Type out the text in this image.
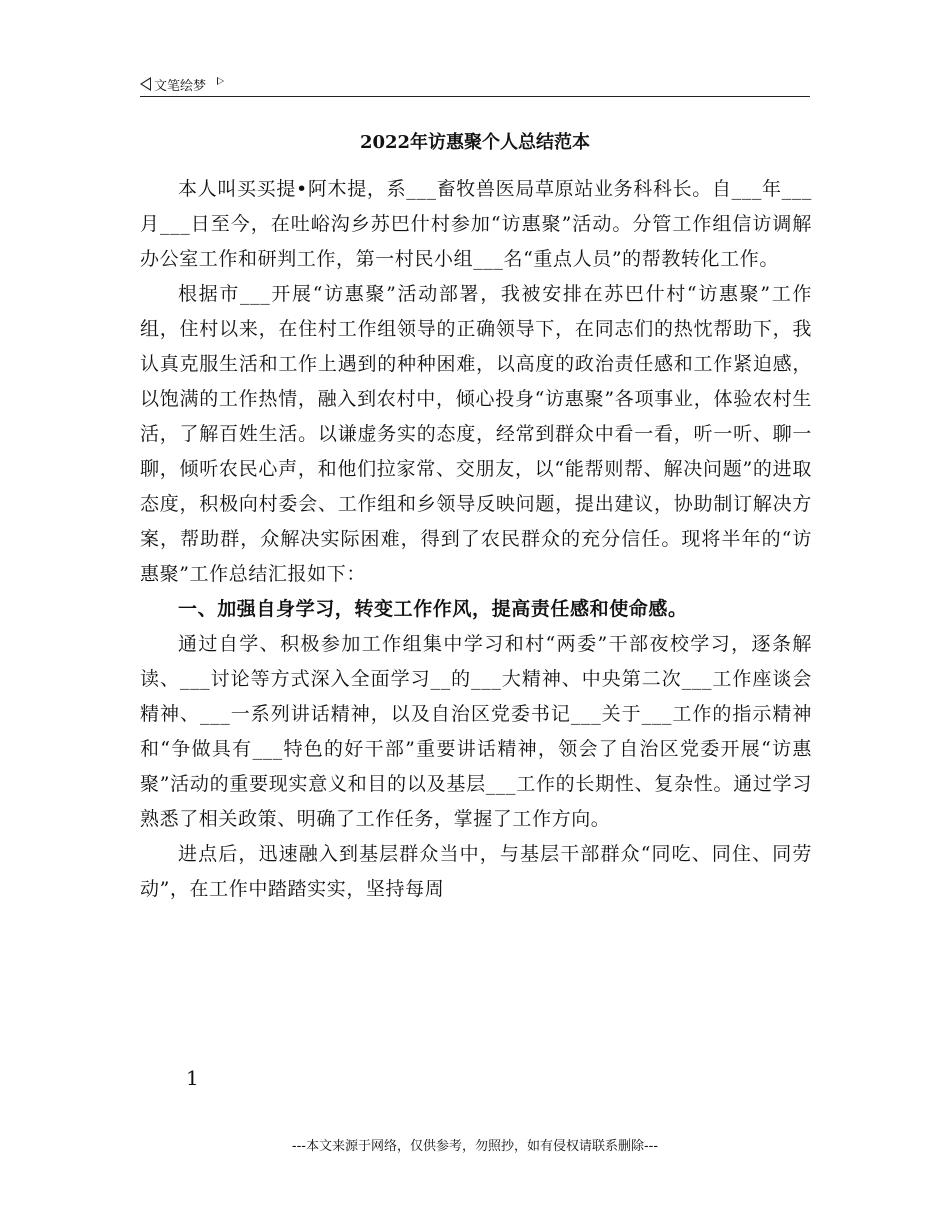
文笔绘梦
2022年访惠聚个人总结范本

本人叫买买提•阿木提，系___畜牧兽医局草原站业务科科长。自___年___月___日至今，在吐峪沟乡苏巴什村参加“访惠聚”活动。分管工作组信访调解办公室工作和研判工作，第一村民小组___名“重点人员”的帮教转化工作。

根据市___开展“访惠聚”活动部署，我被安排在苏巴什村“访惠聚”工作组，住村以来，在住村工作组领导的正确领导下，在同志们的热忱帮助下，我认真克服生活和工作上遇到的种种困难，以高度的政治责任感和工作紧迫感，以饱满的工作热情，融入到农村中，倾心投身“访惠聚”各项事业，体验农村生活，了解百姓生活。以谦虚务实的态度，经常到群众中看一看，听一听、聊一聊，倾听农民心声，和他们拉家常、交朋友，以“能帮则帮、解决问题”的进取态度，积极向村委会、工作组和乡领导反映问题，提出建议，协助制订解决方案，帮助群，众解决实际困难，得到了农民群众的充分信任。现将半年的“访惠聚”工作总结汇报如下：

一、加强自身学习，转变工作作风，提高责任感和使命感。

通过自学、积极参加工作组集中学习和村“两委”干部夜校学习，逐条解读、___讨论等方式深入全面学习__的___大精神、中央第二次___工作座谈会精神、___一系列讲话精神，以及自治区党委书记___关于___工作的指示精神和“争做具有___特色的好干部”重要讲话精神，领会了自治区党委开展“访惠聚”活动的重要现实意义和目的以及基层___工作的长期性、复杂性。通过学习熟悉了相关政策、明确了工作任务，掌握了工作方向。

进点后，迅速融入到基层群众当中，与基层干部群众“同吃、同住、同劳动”，在工作中踏踏实实，坚持每周

1
---本文来源于网络，仅供参考，勿照抄，如有侵权请联系删除---
